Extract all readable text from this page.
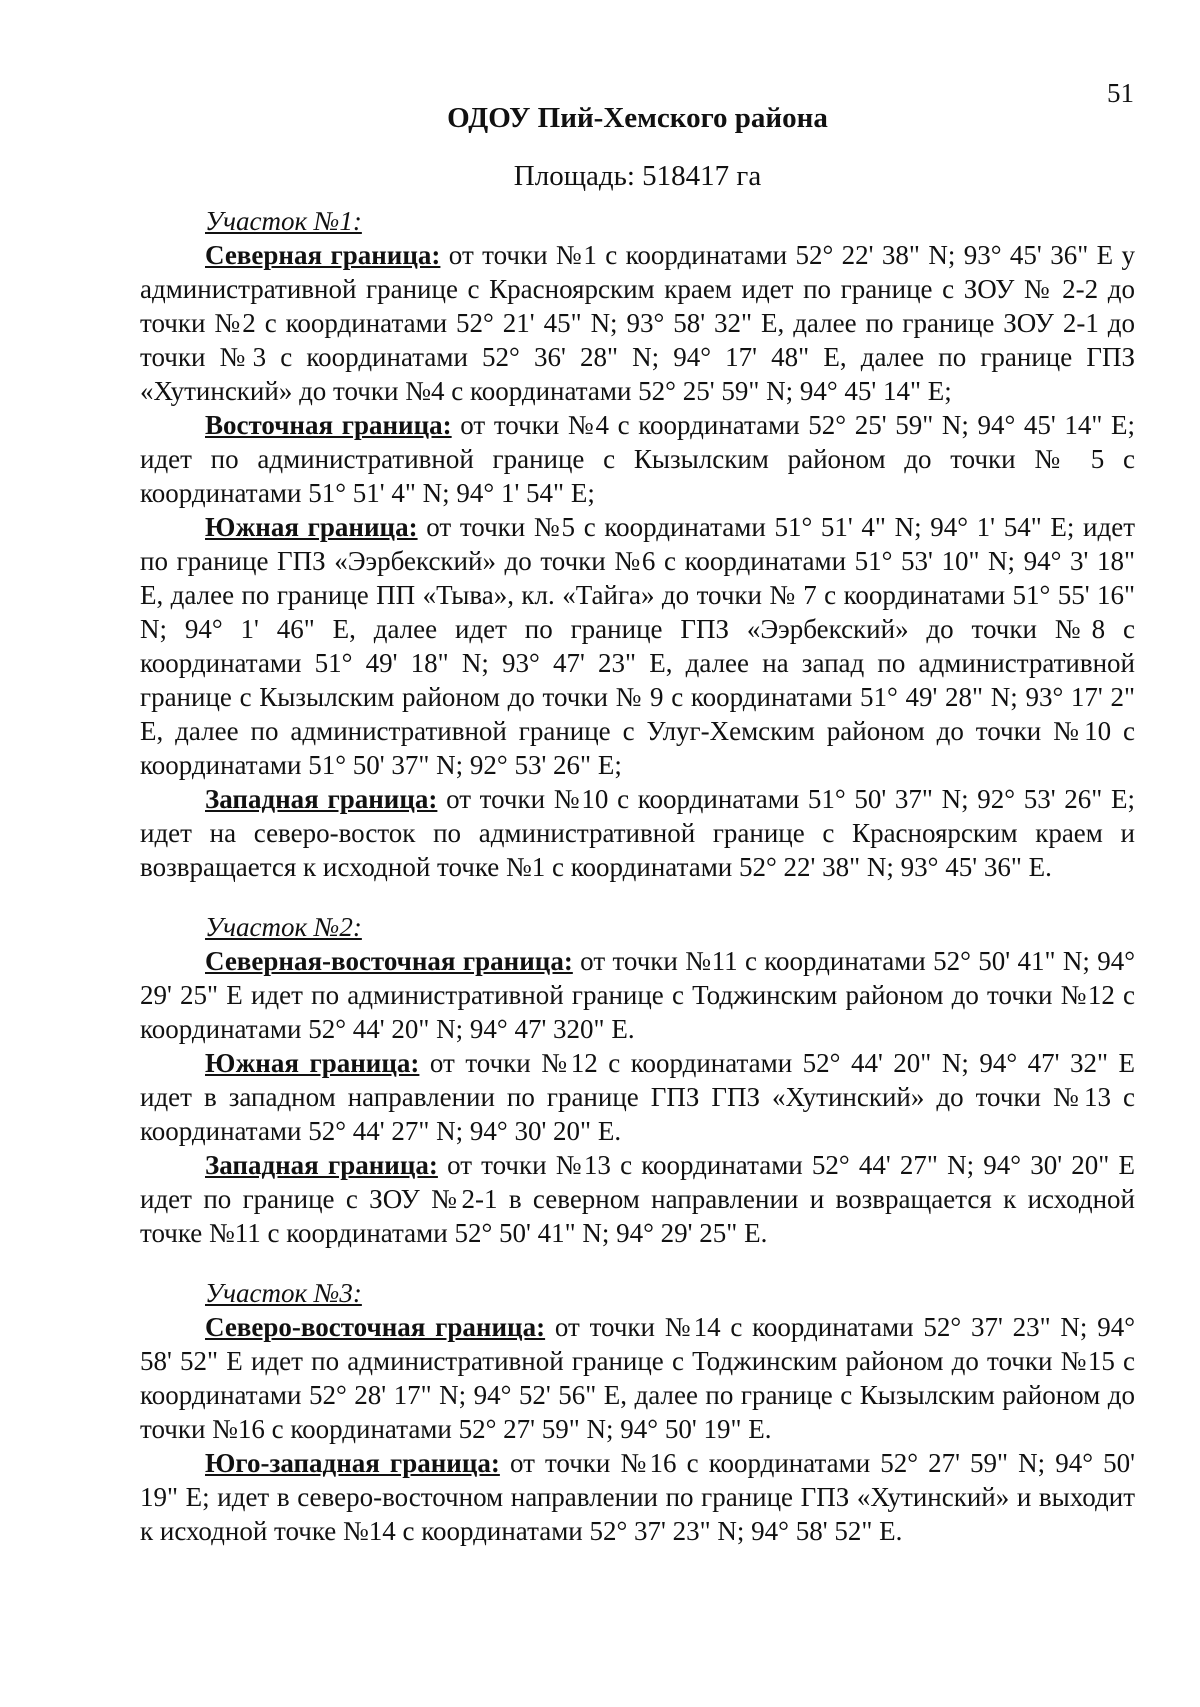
51
ОДОУ Пий-Хемского района
Площадь: 518417 га

Участок №1:

Северная граница: от точки №1 с координатами 52° 22' 38" N; 93° 45' 36" E у административной границе с Красноярским краем идет по границе с ЗОУ № 2-2 до точки №2 с координатами 52° 21' 45" N; 93° 58' 32" E, далее по границе ЗОУ 2-1 до точки №3 с координатами 52° 36' 28" N; 94° 17' 48" E, далее по границе ГПЗ «Хутинский» до точки №4 с координатами 52° 25' 59" N; 94° 45' 14" E;

Восточная граница: от точки №4 с координатами 52° 25' 59" N; 94° 45' 14" E; идет по административной границе с Кызылским районом до точки № 5 с координатами 51° 51' 4" N; 94° 1' 54" E;

Южная граница: от точки №5 с координатами 51° 51' 4" N; 94° 1' 54" E; идет по границе ГПЗ «Ээрбекский» до точки №6 с координатами 51° 53' 10" N; 94° 3' 18" E, далее по границе ПП «Тыва», кл. «Тайга» до точки № 7 с координатами 51° 55' 16" N; 94° 1' 46" E, далее идет по границе ГПЗ «Ээрбекский» до точки №8 с координатами 51° 49' 18" N; 93° 47' 23" E, далее на запад по административной границе с Кызылским районом до точки № 9 с координатами 51° 49' 28" N; 93° 17' 2" E, далее по административной границе с Улуг-Хемским районом до точки №10 с координатами 51° 50' 37" N; 92° 53' 26" E;

Западная граница: от точки №10 с координатами 51° 50' 37" N; 92° 53' 26" E; идет на северо-восток по административной границе с Красноярским краем и возвращается к исходной точке №1 с координатами 52° 22' 38" N; 93° 45' 36" E.

Участок №2:

Северная-восточная граница: от точки №11 с координатами 52° 50' 41" N; 94° 29' 25" E идет по административной границе с Тоджинским районом до точки №12 с координатами 52° 44' 20" N; 94° 47' 320" E.

Южная граница: от точки №12 с координатами 52° 44' 20" N; 94° 47' 32" E идет в западном направлении по границе ГПЗ ГПЗ «Хутинский» до точки №13 с координатами 52° 44' 27" N; 94° 30' 20" E.

Западная граница: от точки №13 с координатами 52° 44' 27" N; 94° 30' 20" E идет по границе с ЗОУ №2-1 в северном направлении и возвращается к исходной точке №11 с координатами 52° 50' 41" N; 94° 29' 25" E.

Участок №3:

Северо-восточная граница: от точки №14 с координатами 52° 37' 23" N; 94° 58' 52" E идет по административной границе с Тоджинским районом до точки №15 с координатами 52° 28' 17" N; 94° 52' 56" E, далее по границе с Кызылским районом до точки №16 с координатами 52° 27' 59" N; 94° 50' 19" E.

Юго-западная граница: от точки №16 с координатами 52° 27' 59" N; 94° 50' 19" E; идет в северо-восточном направлении по границе ГПЗ «Хутинский» и выходит к исходной точке №14 с координатами 52° 37' 23" N; 94° 58' 52" E.
